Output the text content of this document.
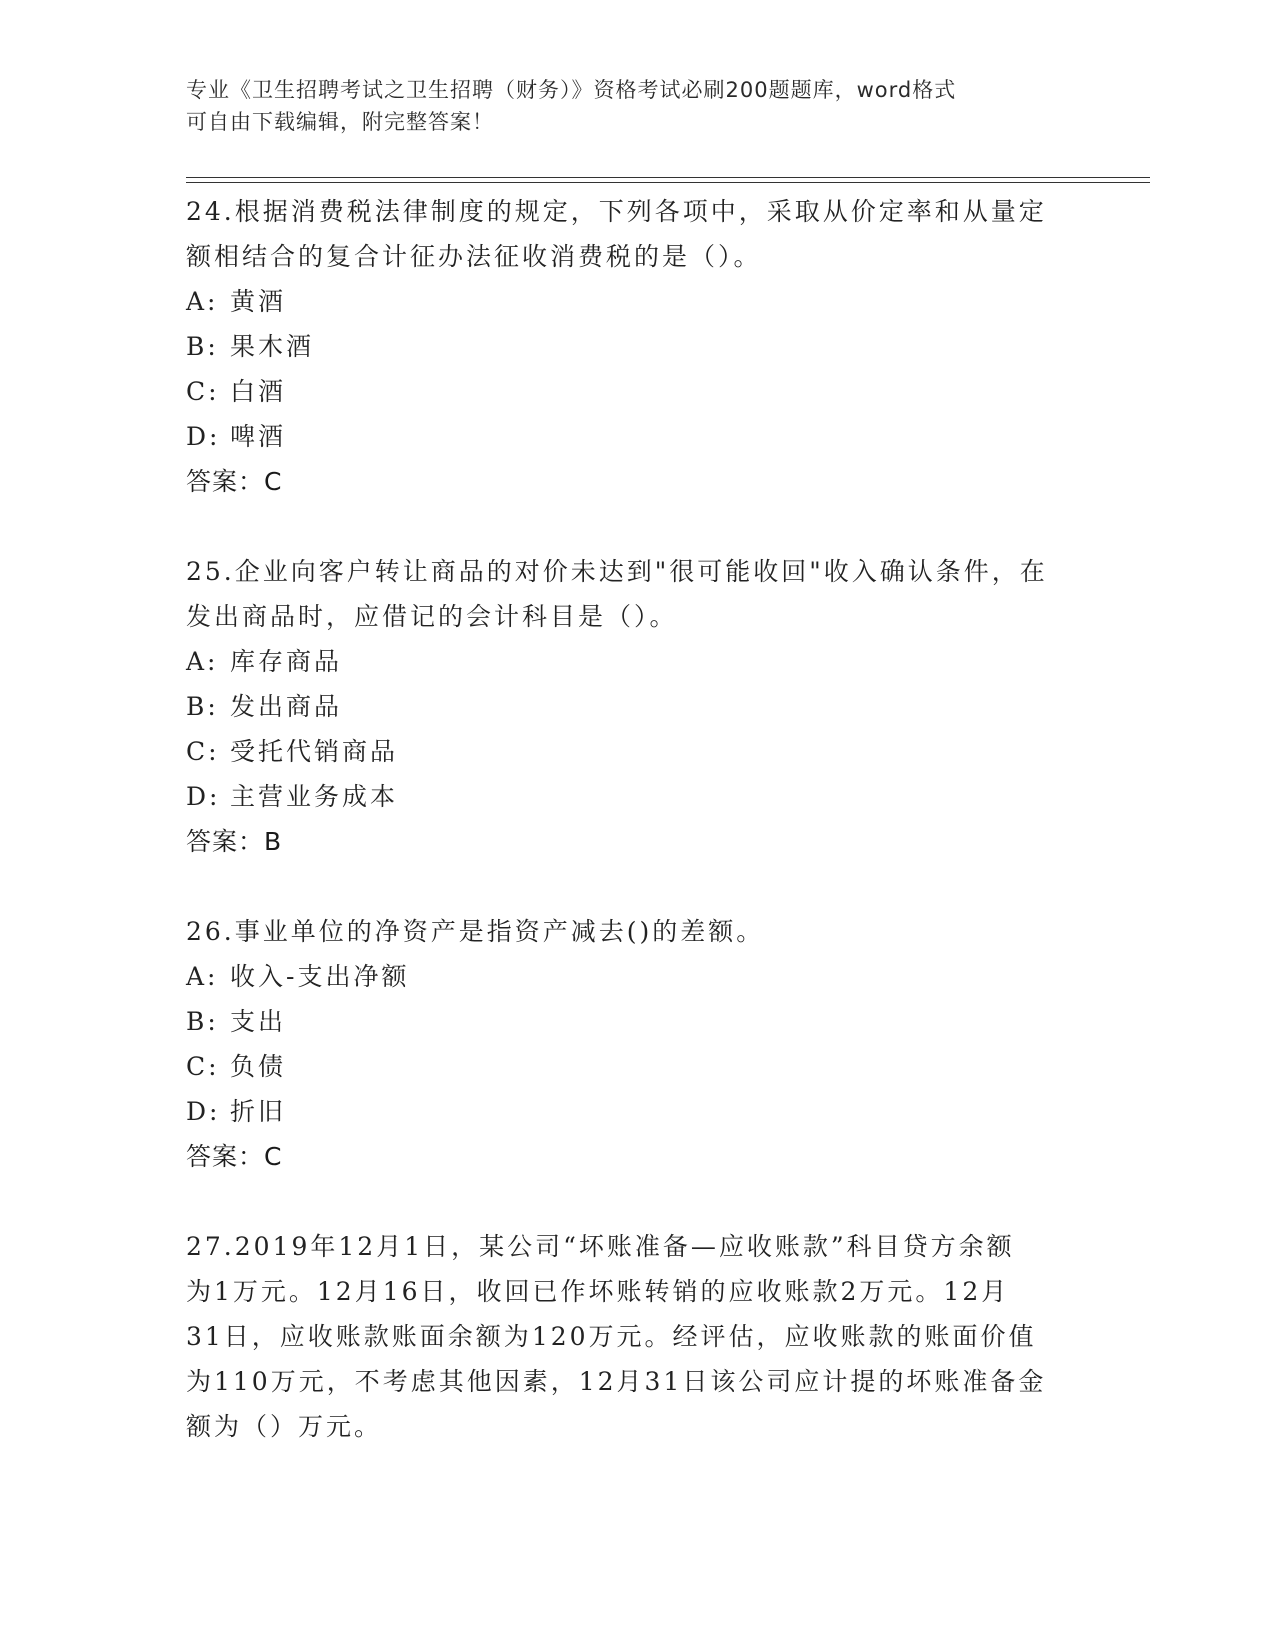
专业《卫生招聘考试之卫生招聘（财务）》资格考试必刷200题题库，word格式
可自由下载编辑，附完整答案！

24.根据消费税法律制度的规定，下列各项中，采取从价定率和从量定

额相结合的复合计征办法征收消费税的是（）。

A: 黄酒

B: 果木酒

C: 白酒

D: 啤酒

答案：C

25.企业向客户转让商品的对价未达到"很可能收回"收入确认条件，在

发出商品时，应借记的会计科目是（）。

A: 库存商品

B: 发出商品

C: 受托代销商品

D: 主营业务成本

答案：B

26.事业单位的净资产是指资产减去()的差额。

A: 收入-支出净额

B: 支出

C: 负债

D: 折旧

答案：C

27.2019年12月1日，某公司“坏账准备—应收账款”科目贷方余额

为1万元。12月16日，收回已作坏账转销的应收账款2万元。12月

31日，应收账款账面余额为120万元。经评估，应收账款的账面价值

为110万元，不考虑其他因素，12月31日该公司应计提的坏账准备金

额为（）万元。
